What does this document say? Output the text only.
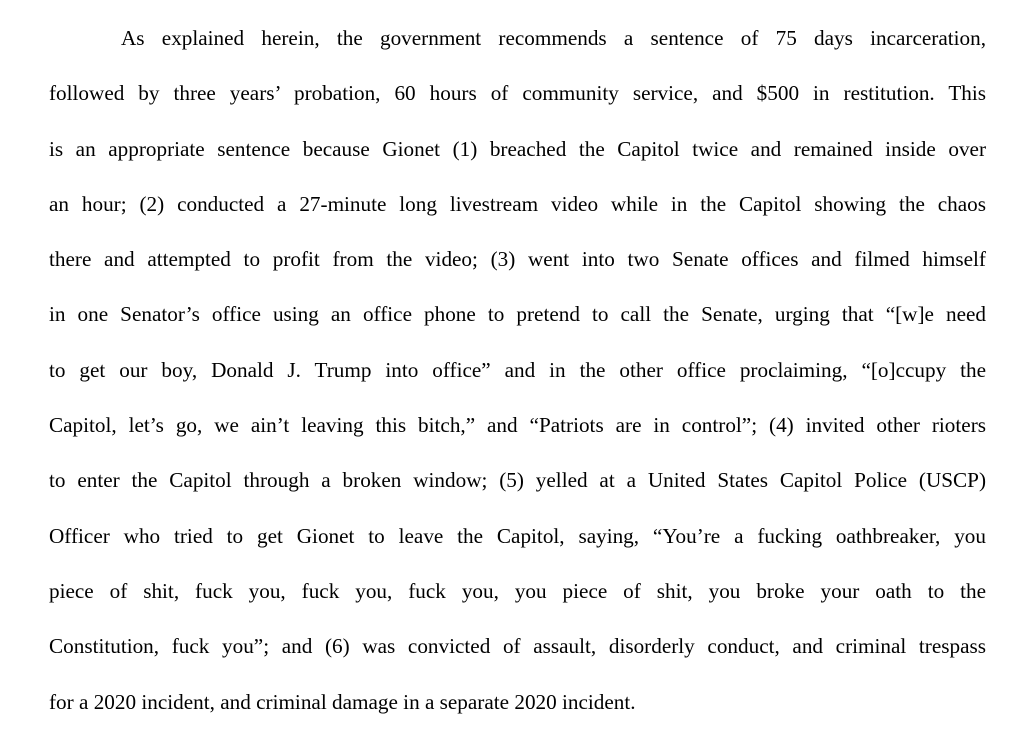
As explained herein, the government recommends a sentence of 75 days incarceration,
followed by three years’ probation, 60 hours of community service, and $500 in restitution. This
is an appropriate sentence because Gionet (1) breached the Capitol twice and remained inside over
an hour; (2) conducted a 27-minute long livestream video while in the Capitol showing the chaos
there and attempted to profit from the video; (3) went into two Senate offices and filmed himself
in one Senator’s office using an office phone to pretend to call the Senate, urging that “[w]e need
to get our boy, Donald J. Trump into office” and in the other office proclaiming, “[o]ccupy the
Capitol, let’s go, we ain’t leaving this bitch,” and “Patriots are in control”; (4) invited other rioters
to enter the Capitol through a broken window; (5) yelled at a United States Capitol Police (USCP)
Officer who tried to get Gionet to leave the Capitol, saying, “You’re a fucking oathbreaker, you
piece of shit, fuck you, fuck you, fuck you, you piece of shit, you broke your oath to the
Constitution, fuck you”; and (6) was convicted of assault, disorderly conduct, and criminal trespass
for a 2020 incident, and criminal damage in a separate 2020 incident.
